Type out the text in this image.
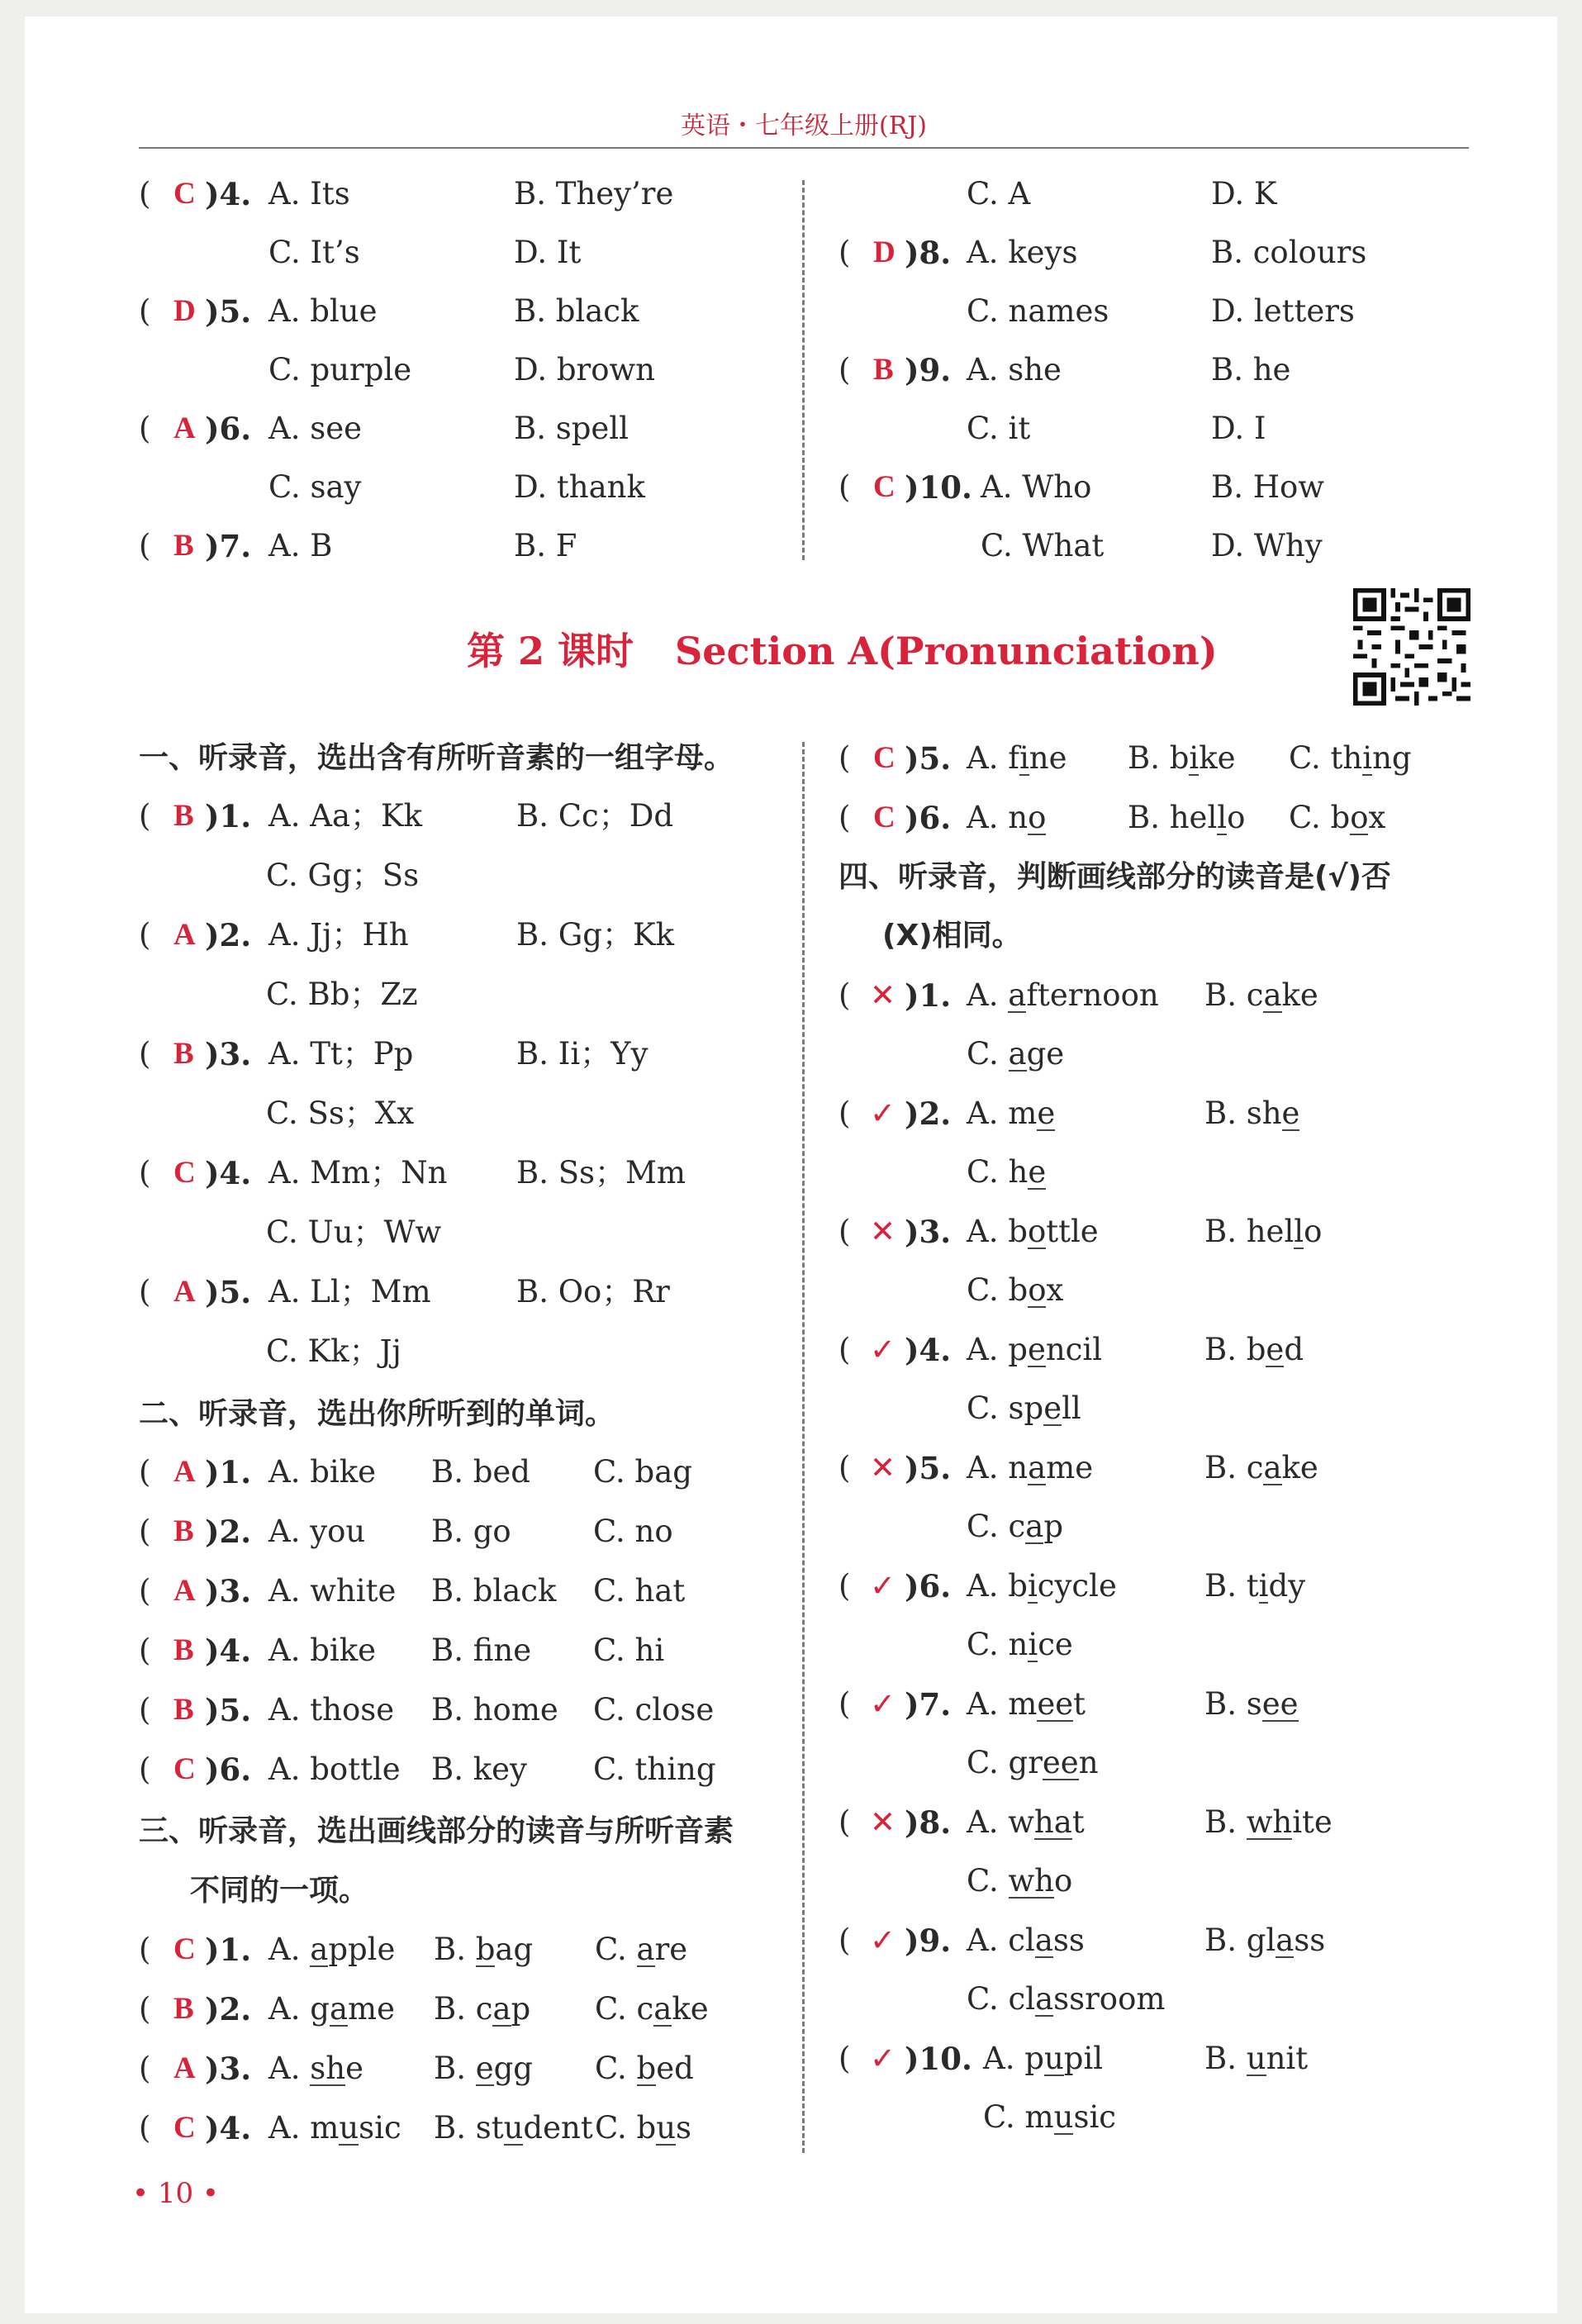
英语・七年级上册(RJ)
( C )4. A. Its	B. They’re
C. It’s	D. It
( D )5. A. blue	B. black
C. purple	D. brown
( A )6. A. see	B. spell
C. say	D. thank
( B )7. A. B	B. F
C. A	D. K
( D )8. A. keys	B. colours
C. names	D. letters
( B )9. A. she	B. he
C. it	D. I
( C )10. A. Who	B. How
C. What	D. Why
第 2 课时 Section A(Pronunciation)
一、听录音，选出含有所听音素的一组字母。
( B )1. A. Aa；Kk	B. Cc；Dd
C. Gg；Ss
( A )2. A. Jj；Hh	B. Gg；Kk
C. Bb；Zz
( B )3. A. Tt；Pp	B. Ii；Yy
C. Ss；Xx
( C )4. A. Mm；Nn B. Ss；Mm
C. Uu；Ww
( A )5. A. Ll；Mm	B. Oo；Rr
C. Kk；Jj
二、听录音，选出你所听到的单词。
( A )1. A. bike B. bed C. bag
( B )2. A. you B. go	C. no
( A )3. A. white B. black C. hat
( B )4. A. bike B. fine C. hi
( B )5. A. those B. home C. close
( C )6. A. bottle B. key C. thing
三、听录音，选出画线部分的读音与所听音素
不同的一项。
( C )1. A. apple B. bag C. are
( B )2. A. game B. cap C. cake
( A )3. A. she B. egg C. bed
( C )4. A. music B. student C. bus
( C )5. A. fine B. bike C. thing
( C )6. A. no	B. hello C. box
四、听录音，判断画线部分的读音是(√)否
(X)相同。
( ✕ )1. A. afternoon B. cake
C. age
( ✓ )2. A. me	B. she
C. he
( ✕ )3. A. bottle	B. hello
C. box
( ✓ )4. A. pencil	B. bed
C. spell
( ✕ )5. A. name	B. cake
C. cap
( ✓ )6. A. bicycle	B. tidy
C. nice
( ✓ )7. A. meet	B. see
C. green
( ✕ )8. A. what	B. white
C. who
( ✓ )9. A. class	B. glass
C. classroom
( ✓ )10. A. pupil	B. unit
C. music
• 10 •
